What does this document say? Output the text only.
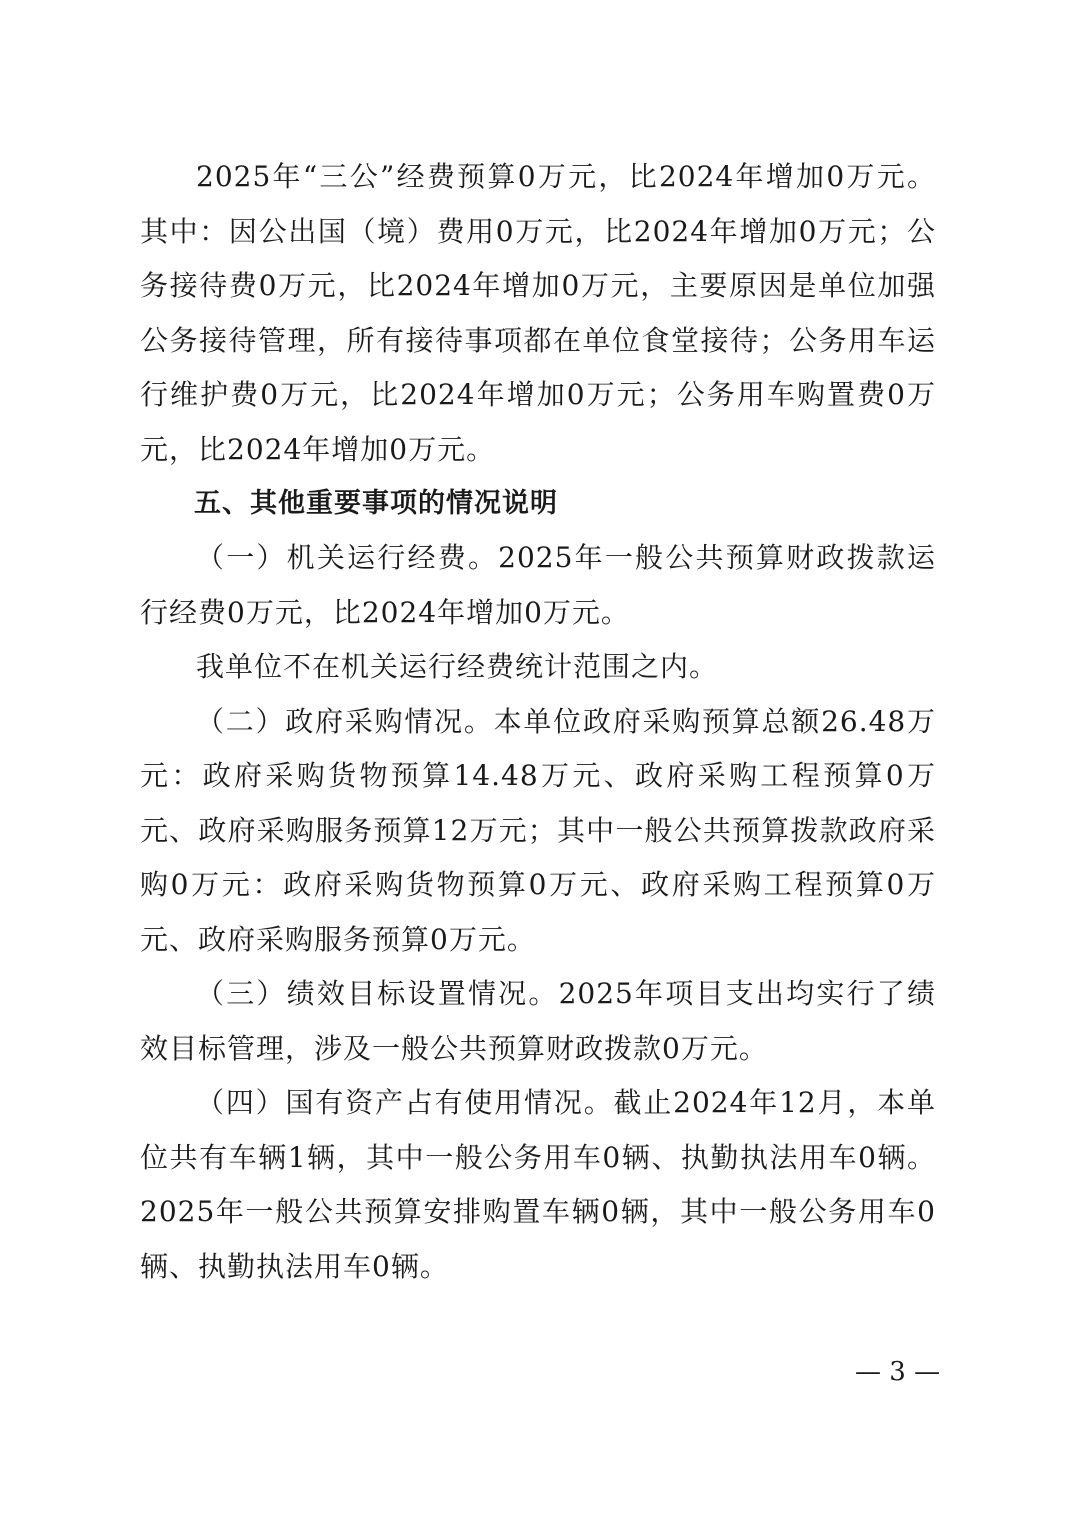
2025年“三公”经费预算0万元，比2024年增加0万元。其中：因公出国（境）费用0万元，比2024年增加0万元；公务接待费0万元，比2024年增加0万元，主要原因是单位加强公务接待管理，所有接待事项都在单位食堂接待；公务用车运行维护费0万元，比2024年增加0万元；公务用车购置费0万元，比2024年增加0万元。

五、其他重要事项的情况说明

（一）机关运行经费。2025年一般公共预算财政拨款运行经费0万元，比2024年增加0万元。

我单位不在机关运行经费统计范围之内。

（二）政府采购情况。本单位政府采购预算总额26.48万元：政府采购货物预算14.48万元、政府采购工程预算0万元、政府采购服务预算12万元；其中一般公共预算拨款政府采购0万元：政府采购货物预算0万元、政府采购工程预算0万元、政府采购服务预算0万元。

（三）绩效目标设置情况。2025年项目支出均实行了绩效目标管理，涉及一般公共预算财政拨款0万元。

（四）国有资产占有使用情况。截止2024年12月，本单位共有车辆1辆，其中一般公务用车0辆、执勤执法用车0辆。2025年一般公共预算安排购置车辆0辆，其中一般公务用车0辆、执勤执法用车0辆。

— 3 —
